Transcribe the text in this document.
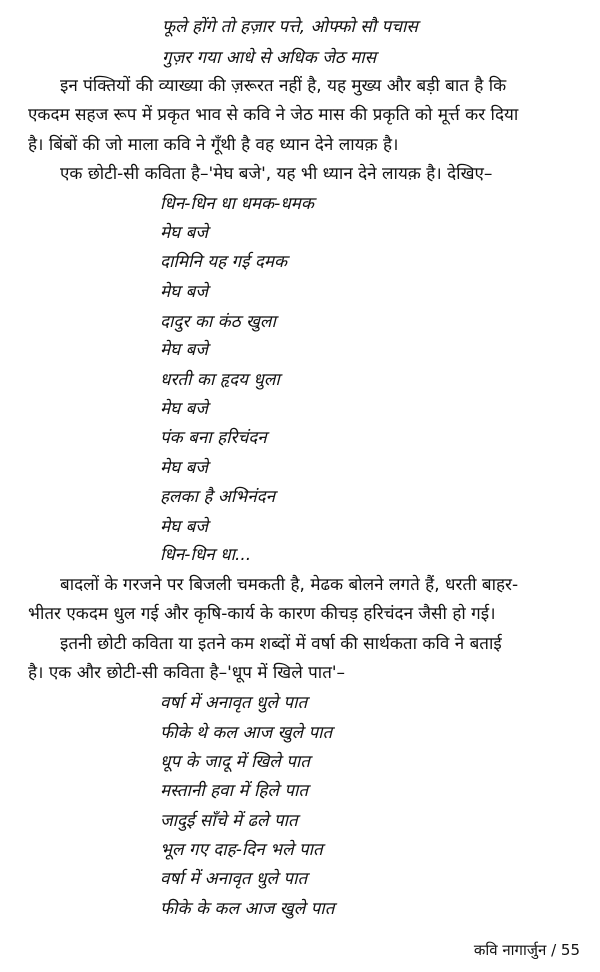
फूले होंगे तो हज़ार पत्ते, ओफ्फो सौ पचास
गुज़र गया आधे से अधिक जेठ मास
इन पंक्तियों की व्याख्या की ज़रूरत नहीं है, यह मुख्य और बड़ी बात है कि
एकदम सहज रूप में प्रकृत भाव से कवि ने जेठ मास की प्रकृति को मूर्त्त कर दिया
है। बिंबों की जो माला कवि ने गूँथी है वह ध्यान देने लायक़ है।
एक छोटी-सी कविता है–'मेघ बजे', यह भी ध्यान देने लायक़ है। देखिए–
धिन-धिन धा धमक-धमक
मेघ बजे
दामिनि यह गई दमक
मेघ बजे
दादुर का कंठ खुला
मेघ बजे
धरती का हृदय धुला
मेघ बजे
पंक बना हरिचंदन
मेघ बजे
हलका है अभिनंदन
मेघ बजे
धिन-धिन धा...
बादलों के गरजने पर बिजली चमकती है, मेढक बोलने लगते हैं, धरती बाहर-
भीतर एकदम धुल गई और कृषि-कार्य के कारण कीचड़ हरिचंदन जैसी हो गई।
इतनी छोटी कविता या इतने कम शब्दों में वर्षा की सार्थकता कवि ने बताई
है। एक और छोटी-सी कविता है–'धूप में खिले पात'–
वर्षा में अनावृत धुले पात
फीके थे कल आज खुले पात
धूप के जादू में खिले पात
मस्तानी हवा में हिले पात
जादुई साँचे में ढले पात
भूल गए दाह-दिन भले पात
वर्षा में अनावृत धुले पात
फीके के कल आज खुले पात
कवि नागार्जुन / 55
